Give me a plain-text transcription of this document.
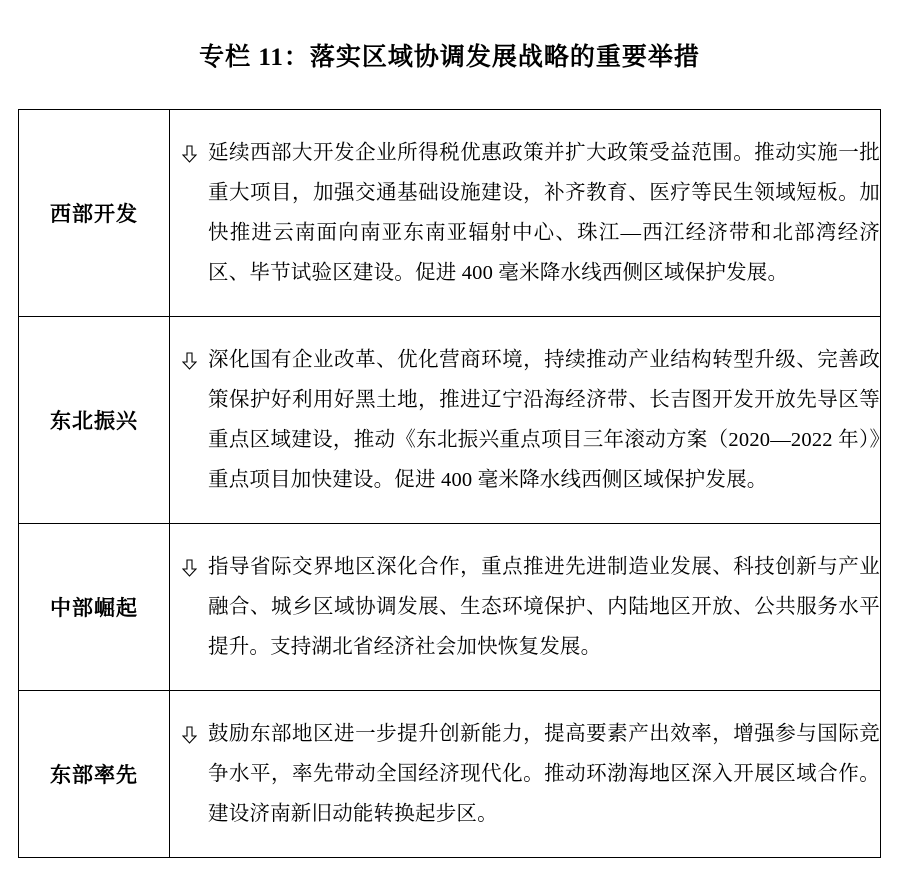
专栏 11：落实区域协调发展战略的重要举措
西部开发	延续西部大开发企业所得税优惠政策并扩大政策受益范围。推动实施一批重大项目，加强交通基础设施建设，补齐教育、医疗等民生领域短板。加快推进云南面向南亚东南亚辐射中心、珠江—西江经济带和北部湾经济区、毕节试验区建设。促进 400 毫米降水线西侧区域保护发展。

东北振兴	深化国有企业改革、优化营商环境，持续推动产业结构转型升级、完善政策保护好利用好黑土地，推进辽宁沿海经济带、长吉图开发开放先导区等重点区域建设，推动《东北振兴重点项目三年滚动方案（2020—2022 年）》重点项目加快建设。促进 400 毫米降水线西侧区域保护发展。

中部崛起	指导省际交界地区深化合作，重点推进先进制造业发展、科技创新与产业融合、城乡区域协调发展、生态环境保护、内陆地区开放、公共服务水平提升。支持湖北省经济社会加快恢复发展。

东部率先	鼓励东部地区进一步提升创新能力，提高要素产出效率，增强参与国际竞争水平，率先带动全国经济现代化。推动环渤海地区深入开展区域合作。建设济南新旧动能转换起步区。
